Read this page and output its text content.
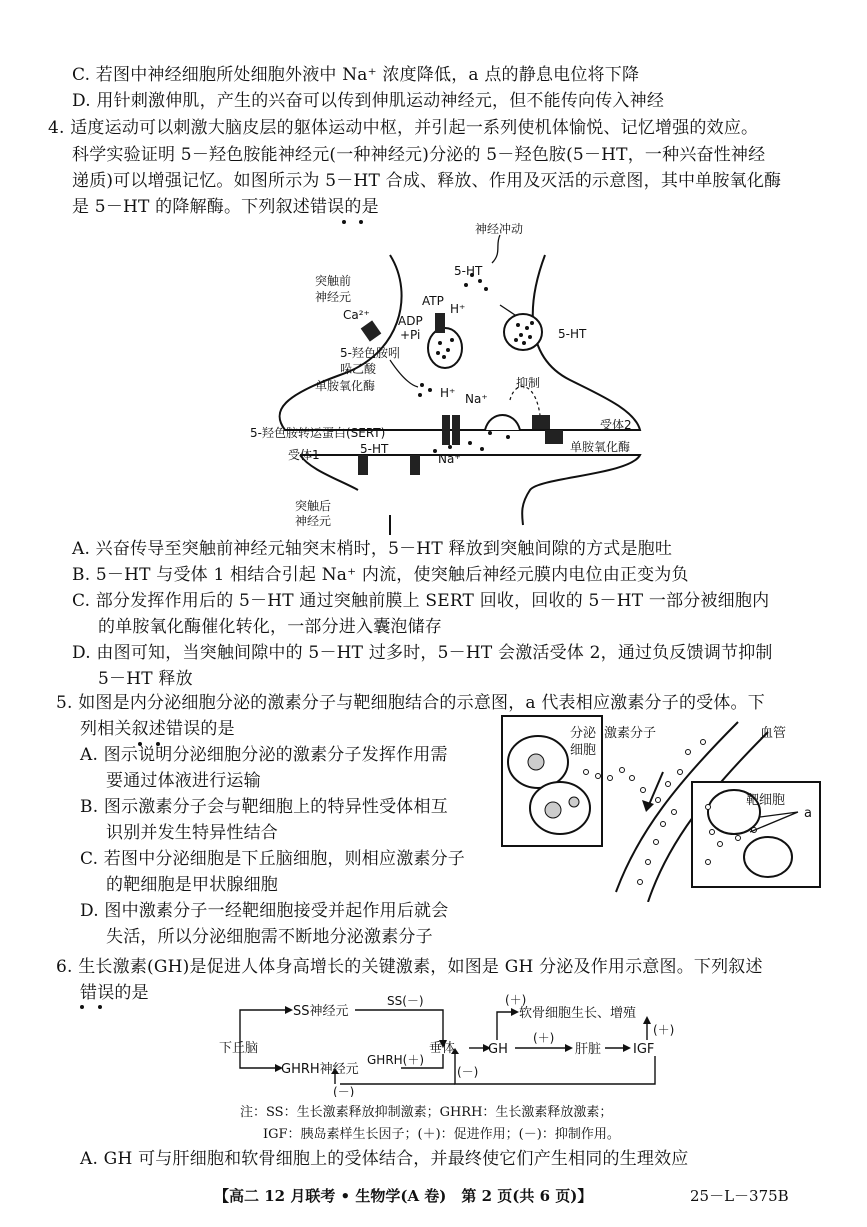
C. 若图中神经细胞所处细胞外液中 Na⁺ 浓度降低，a 点的静息电位将下降
D. 用针刺激伸肌，产生的兴奋可以传到伸肌运动神经元，但不能传向传入神经
4. 适度运动可以刺激大脑皮层的躯体运动中枢，并引起一系列使机体愉悦、记忆增强的效应。
科学实验证明 5－羟色胺能神经元(一种神经元)分泌的 5－羟色胺(5－HT，一种兴奋性神经
递质)可以增强记忆。如图所示为 5－HT 合成、释放、作用及灭活的示意图，其中单胺氧化酶
是 5－HT 的降解酶。下列叙述错误的是
神经冲动
5-HT
突触前
神经元
Ca²⁺
ATP
H⁺
ADP
+Pi	5-HT
5-羟色胺吲
哚乙酸
单胺氧化酶	H⁺ Na⁺
抑制
受体2
5-羟色胺转运蛋白(SERT)
受体1	5-HT
Na⁺
单胺氧化酶
突触后
神经元
A. 兴奋传导至突触前神经元轴突末梢时，5－HT 释放到突触间隙的方式是胞吐
B. 5－HT 与受体 1 相结合引起 Na⁺ 内流，使突触后神经元膜内电位由正变为负
C. 部分发挥作用后的 5－HT 通过突触前膜上 SERT 回收，回收的 5－HT 一部分被细胞内
的单胺氧化酶催化转化，一部分进入囊泡储存
D. 由图可知，当突触间隙中的 5－HT 过多时，5－HT 会激活受体 2，通过负反馈调节抑制
5－HT 释放
5. 如图是内分泌细胞分泌的激素分子与靶细胞结合的示意图，a 代表相应激素分子的受体。下
列相关叙述错误的是
A. 图示说明分泌细胞分泌的激素分子发挥作用需
要通过体液进行运输
B. 图示激素分子会与靶细胞上的特异性受体相互
识别并发生特异性结合
C. 若图中分泌细胞是下丘脑细胞，则相应激素分子
的靶细胞是甲状腺细胞
D. 图中激素分子一经靶细胞接受并起作用后就会
失活，所以分泌细胞需不断地分泌激素分子
分泌
细胞
激素分子	血管
靶细胞
a
6. 生长激素(GH)是促进人体身高增长的关键激素，如图是 GH 分泌及作用示意图。下列叙述
错误的是
SS神经元
SS(－)
下丘脑
GHRH神经元
GHRH(＋)
(－)
垂体	GH
(＋)
软骨细胞生长、增殖
(＋)
肝脏 IGF
(＋)
(－)
注：SS：生长激素释放抑制激素；GHRH：生长激素释放激素；
IGF：胰岛素样生长因子；(＋)：促进作用；(－)：抑制作用。
A. GH 可与肝细胞和软骨细胞上的受体结合，并最终使它们产生相同的生理效应
【高二 12 月联考 • 生物学(A 卷)　第 2 页(共 6 页)】	25－L－375B
